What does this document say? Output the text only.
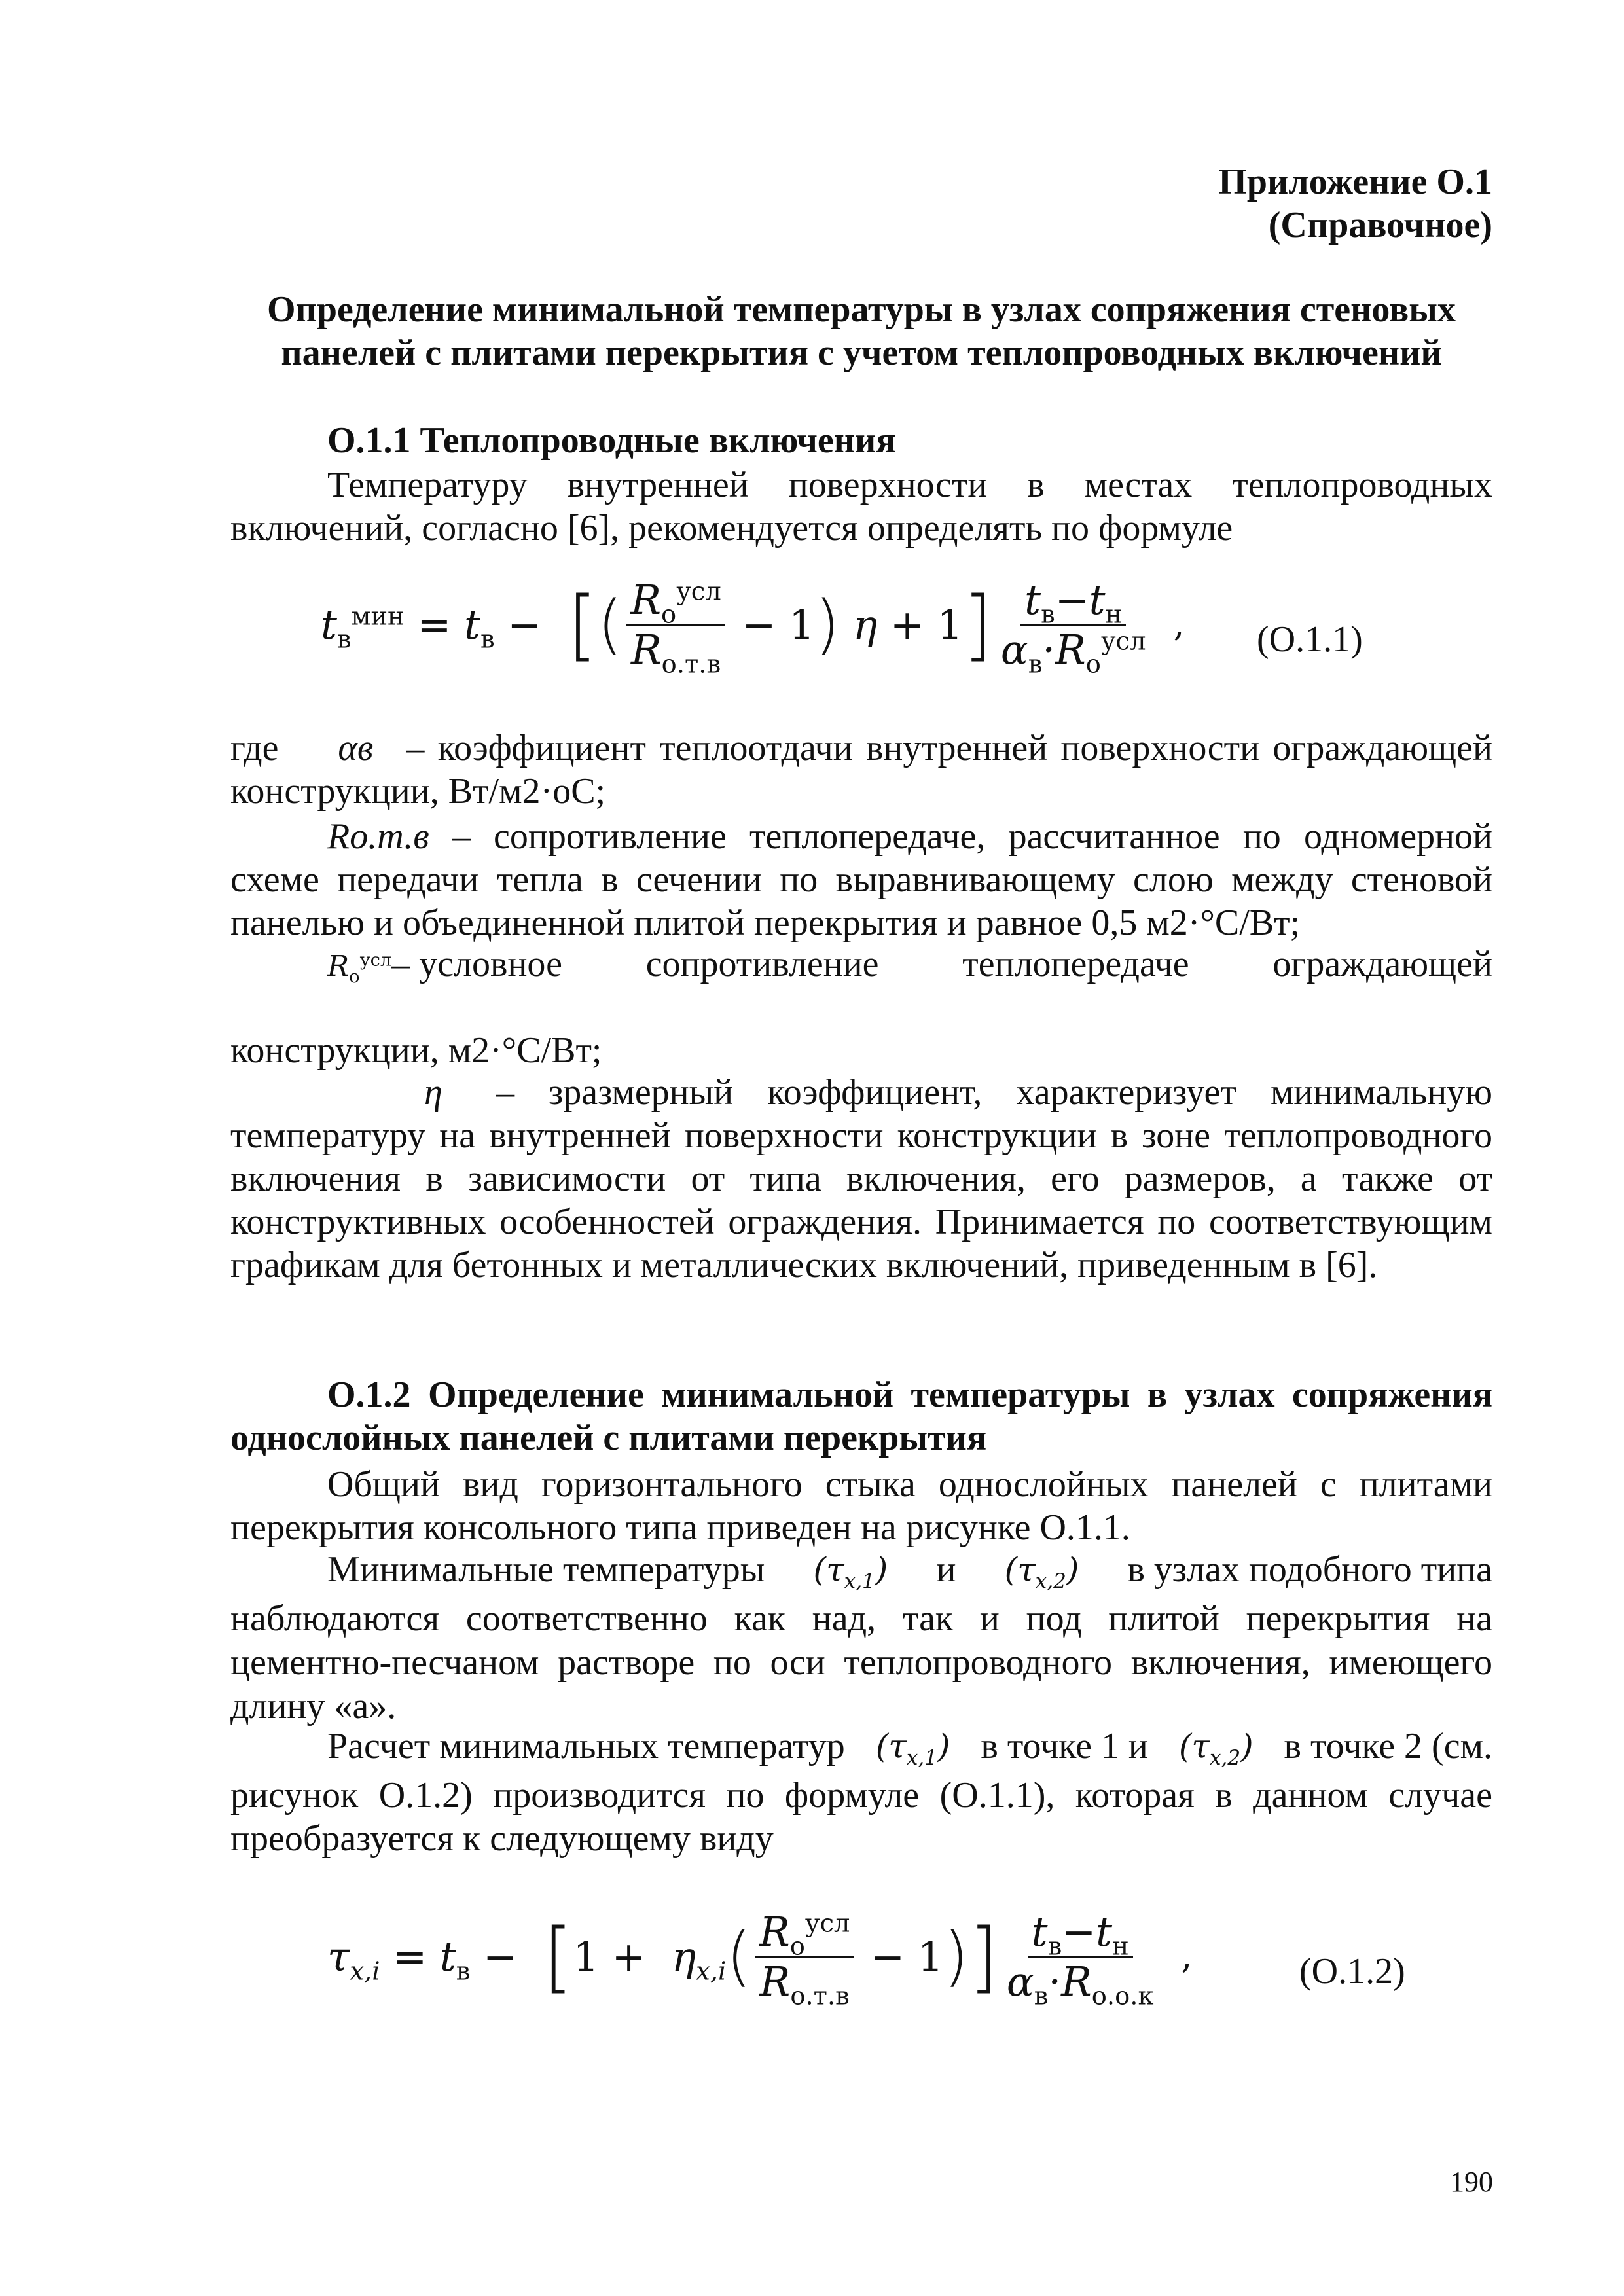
Приложение О.1
(Справочное)
Определение минимальной температуры в узлах сопряжения стеновых
панелей с плитами перекрытия с учетом теплопроводных включений
О.1.1 Теплопроводные включения
Температуру внутренней поверхности в местах теплопроводных включений, согласно [6], рекомендуется определять по формуле
$t_в^{мин} = t_в$ − [ ( $\frac{R_о^{усл}}{R_{о.т.в}} - 1$ ) η + 1 ] $\frac{t_в-t_н}{\alpha_в\cdot R_о^{усл}}$ , (О.1.1)
где αв – коэффициент теплоотдачи внутренней поверхности ограждающей конструкции, Вт/м2·oС;
Rо.т.в – сопротивление теплопередаче, рассчитанное по одномерной схеме передачи тепла в сечении по выравнивающему слою между стеновой панелью и объединенной плитой перекрытия и равное 0,5 м2·°С/Вт;
$R_о^{усл}-$ условное сопротивление теплопередаче ограждающей
конструкции, м2·°С/Вт;
η – зразмерный коэффициент, характеризует минимальную температуру на внутренней поверхности конструкции в зоне теплопроводного включения в зависимости от типа включения, его размеров, а также от конструктивных особенностей ограждения. Принимается по соответствующим графикам для бетонных и металлических включений, приведенным в [6].
О.1.2 Определение минимальной температуры в узлах сопряжения однослойных панелей с плитами перекрытия
Общий вид горизонтального стыка однослойных панелей с плитами перекрытия консольного типа приведен на рисунке О.1.1.
Минимальные температуры $(\tau_{x,1})$ и $(\tau_{x,2})$ в узлах подобного типа
наблюдаются соответственно как над, так и под плитой перекрытия на цементно-песчаном растворе по оси теплопроводного включения, имеющего длину «а».
Расчет минимальных температур $(\tau_{x,1})$ в точке 1 и $(\tau_{x,2})$ в точке 2 (см.
рисунок О.1.2) производится по формуле (О.1.1), которая в данном случае преобразуется к следующему виду
$\tau_{x,i} = t_в$ − [ $1 + \eta_{x,i}$ ( $\frac{R_о^{усл}}{R_{о.т.в}} - 1$ ) ] $\frac{t_в-t_н}{\alpha_в\cdot R_{о.о.к}}$ ,	(О.1.2)
190
